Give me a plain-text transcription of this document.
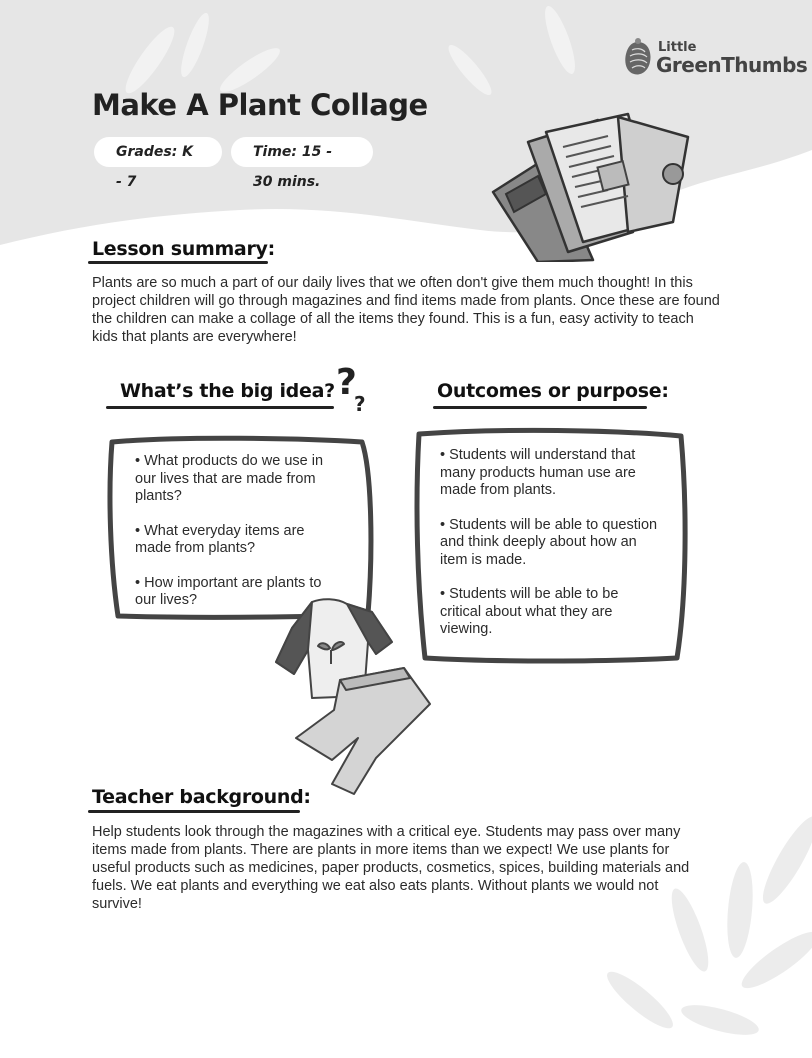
Little
GreenThumbs
Make A Plant Collage
Grades: K - 7
Time: 15 - 30 mins.
Lesson summary:
Plants are so much a part of our daily lives that we often don't give them much thought! In this project children will go through magazines and find items made from plants. Once these are found the children can make a collage of all the items they found. This is a fun, easy activity to teach kids that plants are everywhere!
What’s the big idea? ?
?
Outcomes or purpose:

• What products do we use in our lives that are made from plants?

• What everyday items are made from plants?

• How important are plants to our lives?

• Students will understand that many products human use are made from plants.

• Students will be able to question and think deeply about how an item is made.

• Students will be able to be critical about what they are viewing.

Teacher background:
Help students look through the magazines with a critical eye. Students may pass over many items made from plants. There are plants in more items than we expect! We use plants for useful products such as medicines, paper products, cosmetics, spices, building materials and fuels. We eat plants and everything we eat also eats plants. Without plants we would not survive!
